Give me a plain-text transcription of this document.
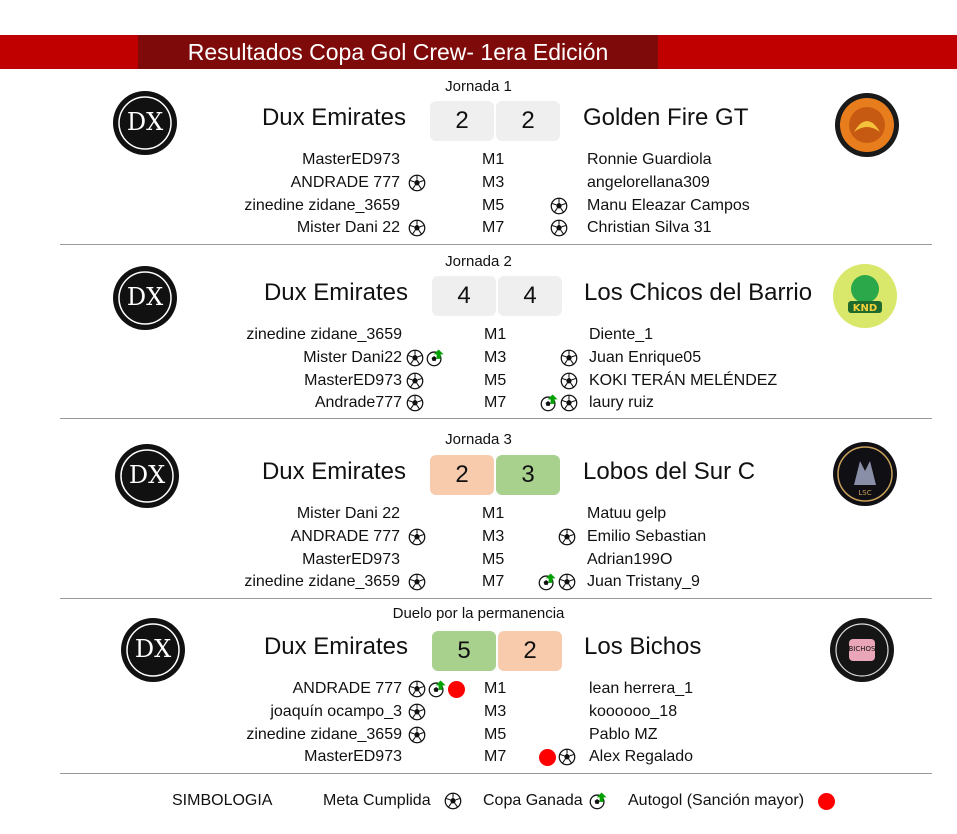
Resultados Copa Gol Crew- 1era Edición
Jornada 1
DX	Dux Emirates	2	2	Golden Fire GT
MasterED973	M1	Ronnie Guardiola
ANDRADE 777	M3	angelorellana309
zinedine zidane_3659	M5	Manu Eleazar Campos
Mister Dani 22	M7	Christian Silva 31
Jornada 2
DX	Dux Emirates	4	4	Los Chicos del Barrio
KND
zinedine zidane_3659	M1	Diente_1
Mister Dani22	M3	Juan Enrique05
MasterED973	M5	KOKI TERÁN MELÉNDEZ
Andrade777	M7	laury ruiz
Jornada 3
DX	Dux Emirates	2	3	Lobos del Sur C
LSC
Mister Dani 22	M1	Matuu gelp
ANDRADE 777	M3	Emilio Sebastian
MasterED973	M5	Adrian199O
zinedine zidane_3659	M7	Juan Tristany_9
Duelo por la permanencia
DX	Dux Emirates	5	2	Los Bichos	BICHOS
ANDRADE 777	M1	lean herrera_1
joaquín ocampo_3	M3	koooooo_18
zinedine zidane_3659	M5	Pablo MZ
MasterED973	M7	Alex Regalado
SIMBOLOGIA	Meta Cumplida	Copa Ganada	Autogol (Sanción mayor)
